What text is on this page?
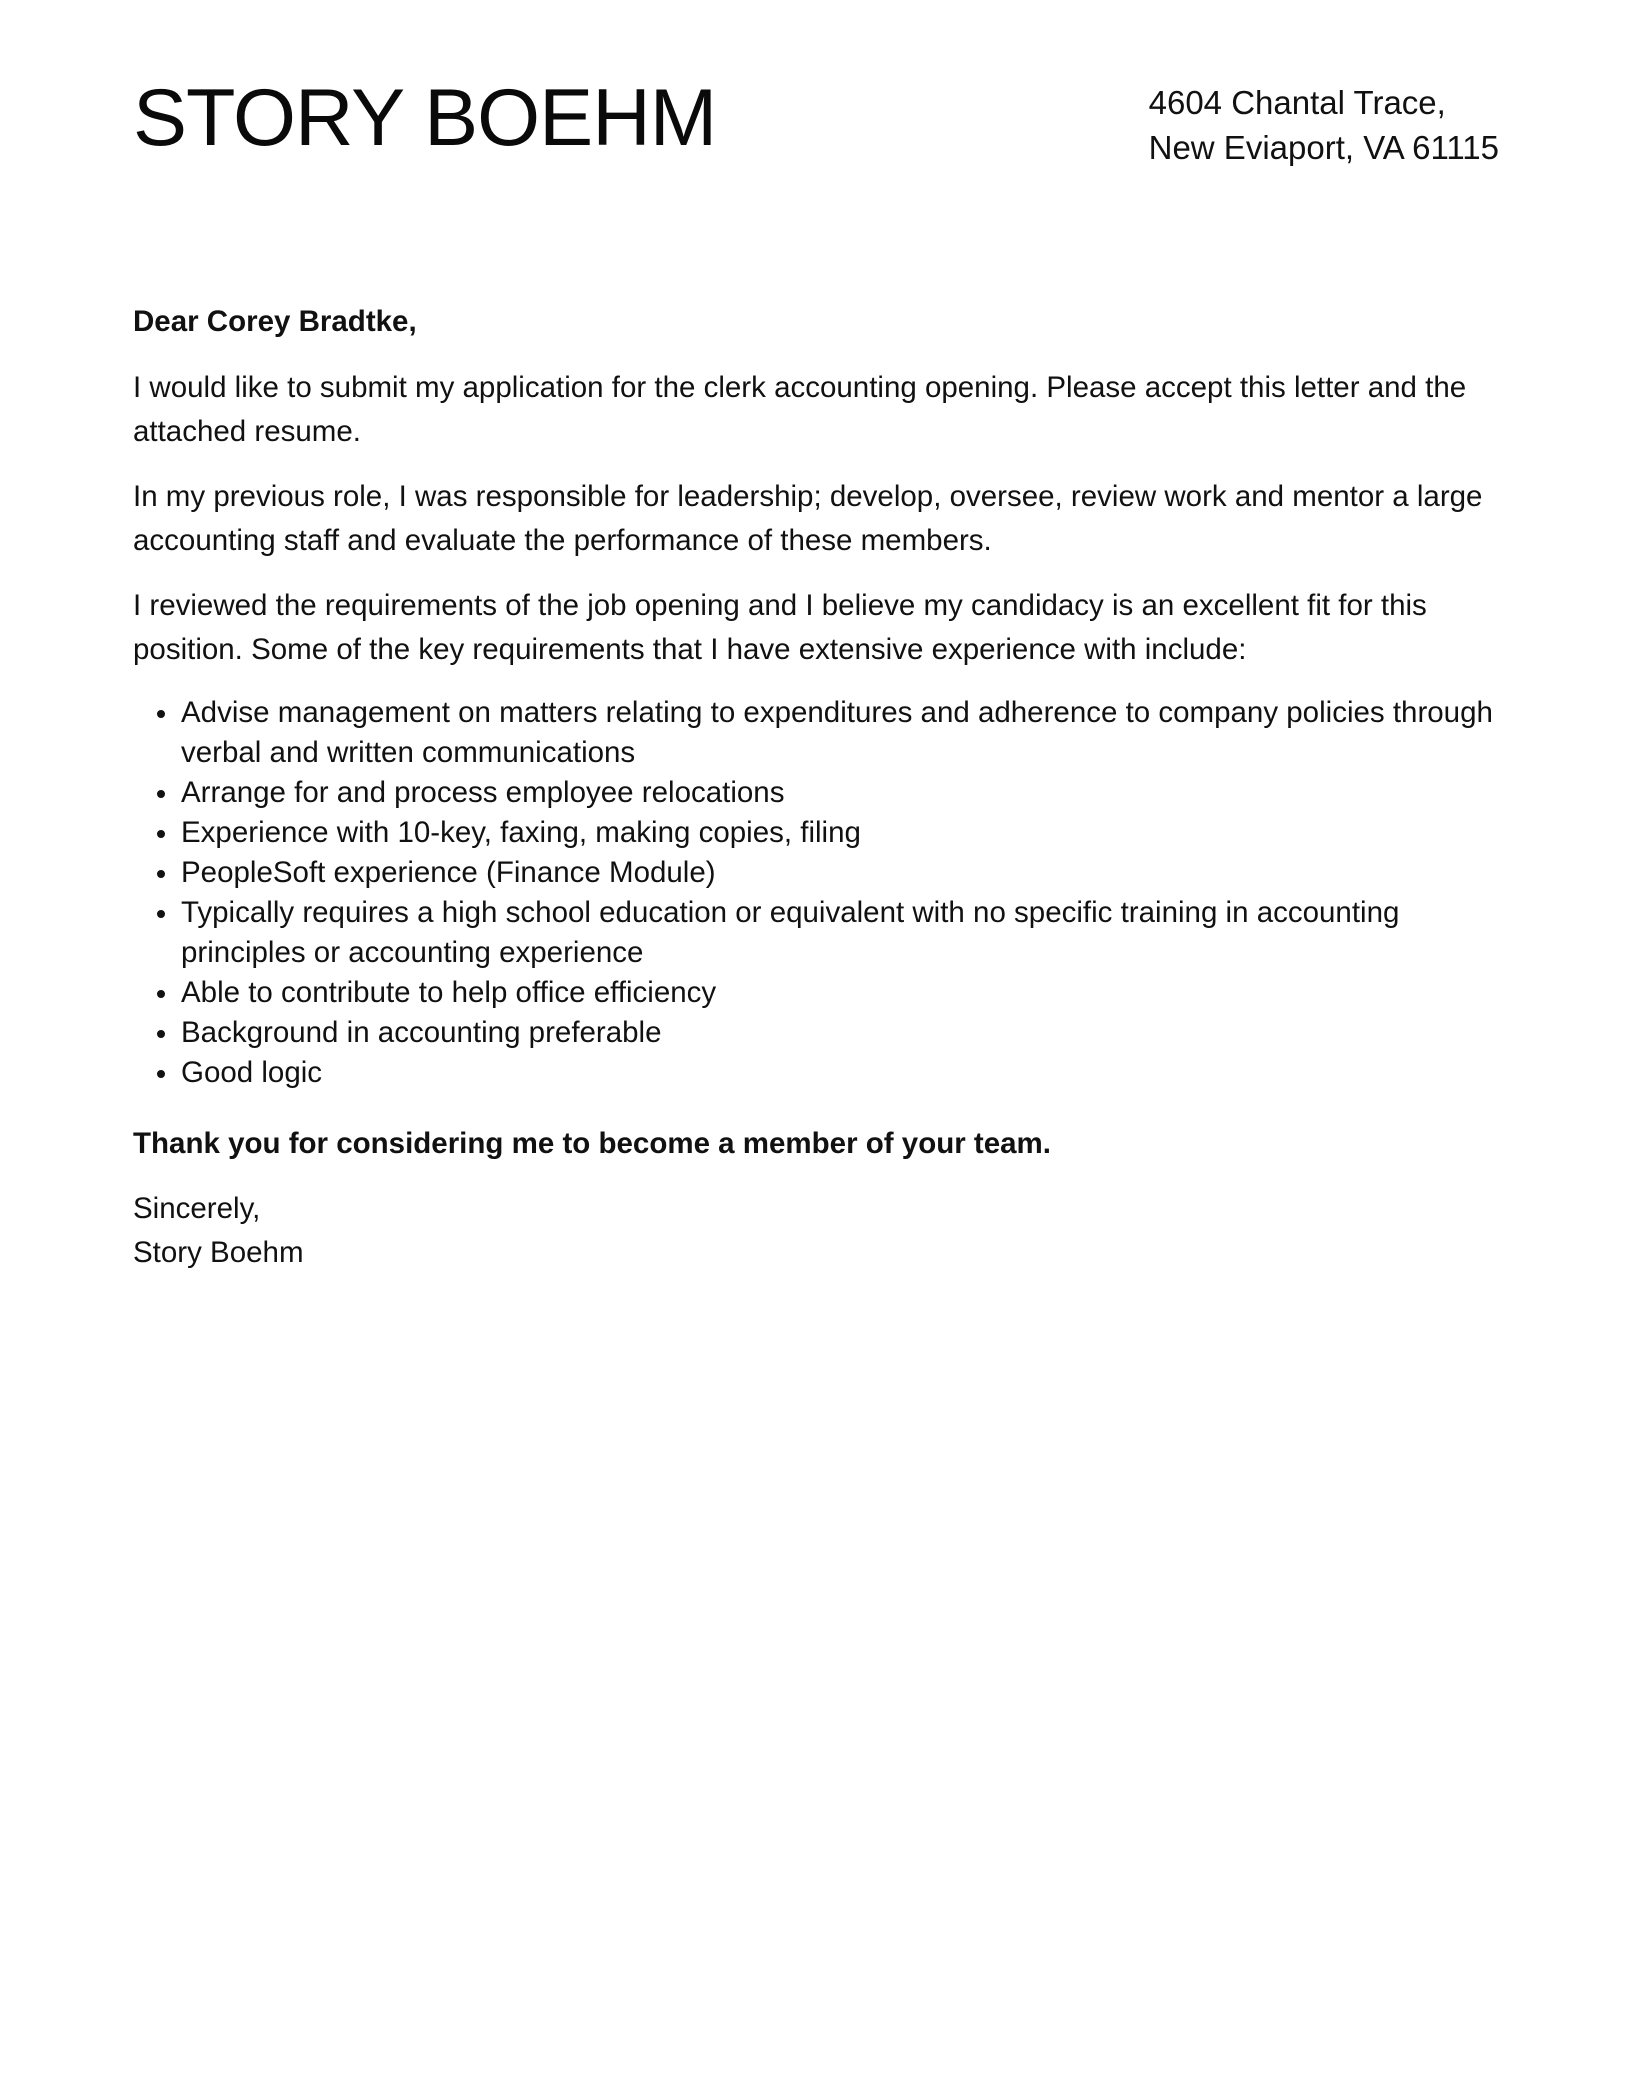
STORY BOEHM	4604 Chantal Trace,
New Eviaport, VA 61115

Dear Corey Bradtke,

I would like to submit my application for the clerk accounting opening. Please accept this letter and the attached resume.

In my previous role, I was responsible for leadership; develop, oversee, review work and mentor a large accounting staff and evaluate the performance of these members.

I reviewed the requirements of the job opening and I believe my candidacy is an excellent fit for this position. Some of the key requirements that I have extensive experience with include:

Advise management on matters relating to expenditures and adherence to company policies through verbal and written communications
Arrange for and process employee relocations
Experience with 10-key, faxing, making copies, filing
PeopleSoft experience (Finance Module)
Typically requires a high school education or equivalent with no specific training in accounting principles or accounting experience
Able to contribute to help office efficiency
Background in accounting preferable
Good logic

Thank you for considering me to become a member of your team.

Sincerely,
Story Boehm
